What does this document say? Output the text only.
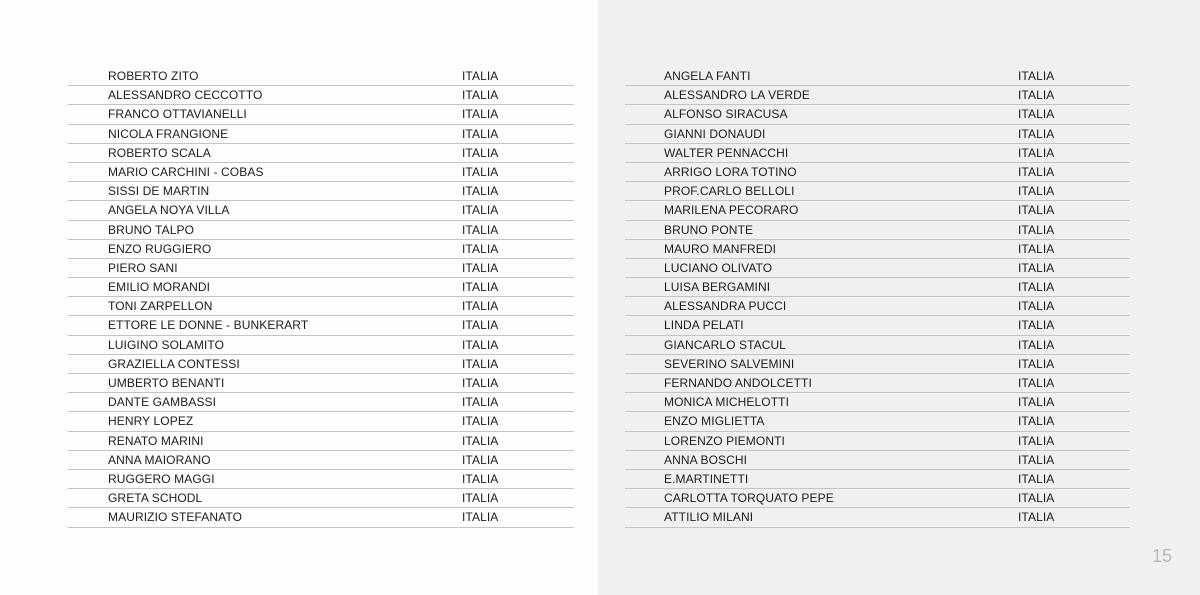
ROBERTO ZITO	ITALIA
ALESSANDRO CECCOTTO	ITALIA
FRANCO OTTAVIANELLI	ITALIA
NICOLA FRANGIONE	ITALIA
ROBERTO SCALA	ITALIA
MARIO CARCHINI - COBAS	ITALIA
SISSI DE MARTIN	ITALIA
ANGELA NOYA VILLA	ITALIA
BRUNO TALPO	ITALIA
ENZO RUGGIERO	ITALIA
PIERO SANI	ITALIA
EMILIO MORANDI	ITALIA
TONI ZARPELLON	ITALIA
ETTORE LE DONNE - BUNKERART	ITALIA
LUIGINO SOLAMITO	ITALIA
GRAZIELLA CONTESSI	ITALIA
UMBERTO BENANTI	ITALIA
DANTE GAMBASSI	ITALIA
HENRY LOPEZ	ITALIA
RENATO MARINI	ITALIA
ANNA MAIORANO	ITALIA
RUGGERO MAGGI	ITALIA
GRETA SCHODL	ITALIA
MAURIZIO STEFANATO	ITALIA
ANGELA FANTI	ITALIA
ALESSANDRO LA VERDE	ITALIA
ALFONSO SIRACUSA	ITALIA
GIANNI DONAUDI	ITALIA
WALTER PENNACCHI	ITALIA
ARRIGO LORA TOTINO	ITALIA
PROF.CARLO BELLOLI	ITALIA
MARILENA PECORARO	ITALIA
BRUNO PONTE	ITALIA
MAURO MANFREDI	ITALIA
LUCIANO OLIVATO	ITALIA
LUISA BERGAMINI	ITALIA
ALESSANDRA PUCCI	ITALIA
LINDA PELATI	ITALIA
GIANCARLO STACUL	ITALIA
SEVERINO SALVEMINI	ITALIA
FERNANDO ANDOLCETTI	ITALIA
MONICA MICHELOTTI	ITALIA
ENZO MIGLIETTA	ITALIA
LORENZO PIEMONTI	ITALIA
ANNA BOSCHI	ITALIA
E.MARTINETTI	ITALIA
CARLOTTA TORQUATO PEPE	ITALIA
ATTILIO MILANI	ITALIA
15
